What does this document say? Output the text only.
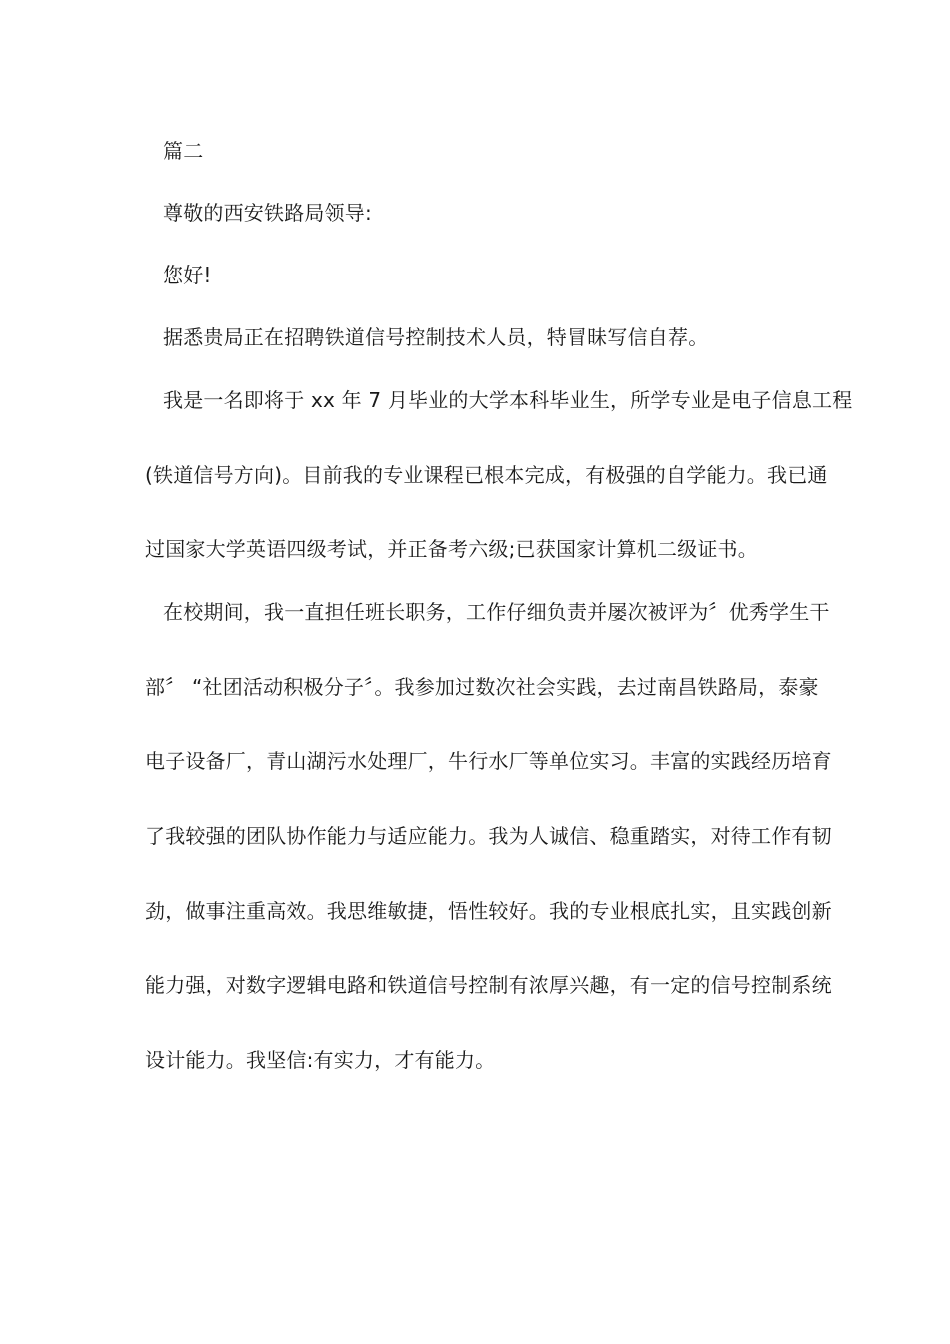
篇二
尊敬的西安铁路局领导:
您好!
据悉贵局正在招聘铁道信号控制技术人员，特冒昧写信自荐。
我是一名即将于 xx 年 7 月毕业的大学本科毕业生，所学专业是电子信息工程
(铁道信号方向)。目前我的专业课程已根本完成，有极强的自学能力。我已通
过国家大学英语四级考试，并正备考六级;已获国家计算机二级证书。
在校期间，我一直担任班长职务，工作仔细负责并屡次被评为〞优秀学生干
部〞 “社团活动积极分子〞。我参加过数次社会实践，去过南昌铁路局，泰豪
电子设备厂，青山湖污水处理厂，牛行水厂等单位实习。丰富的实践经历培育
了我较强的团队协作能力与适应能力。我为人诚信、稳重踏实，对待工作有韧
劲，做事注重高效。我思维敏捷，悟性较好。我的专业根底扎实，且实践创新
能力强，对数字逻辑电路和铁道信号控制有浓厚兴趣，有一定的信号控制系统
设计能力。我坚信:有实力，才有能力。
